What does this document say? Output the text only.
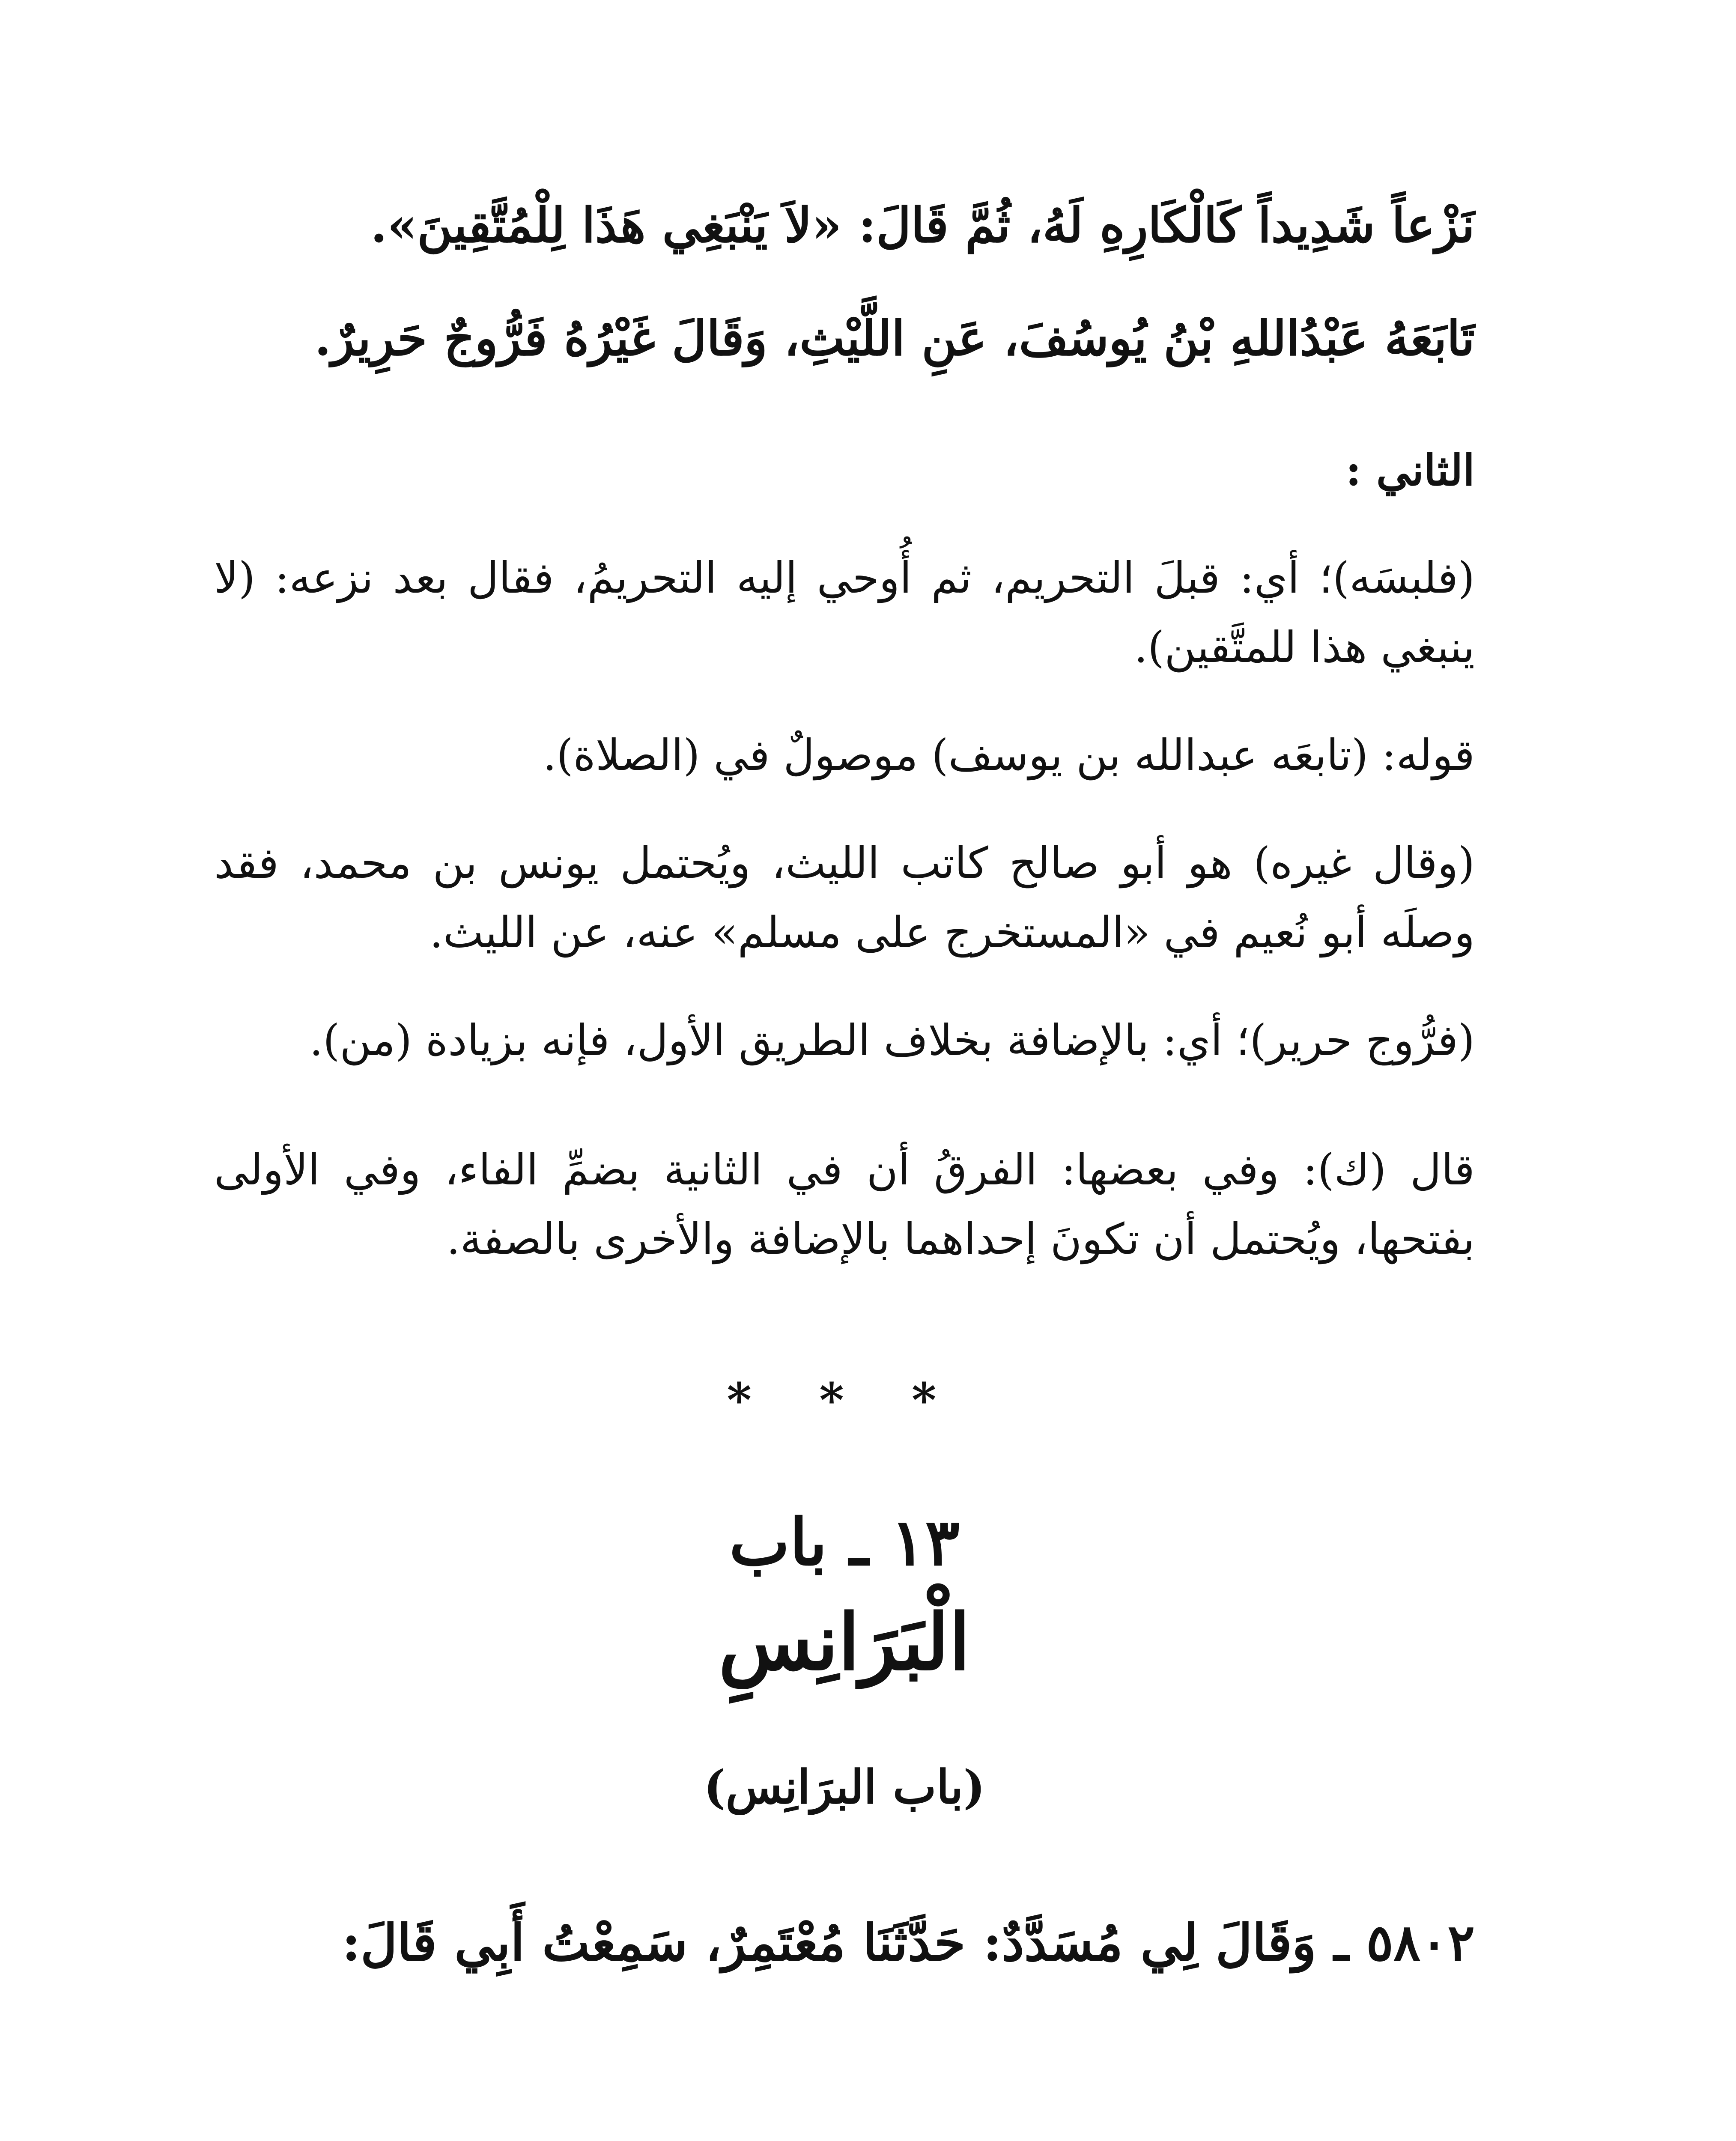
نَزْعاً شَدِيداً كَالْكَارِهِ لَهُ، ثُمَّ قَالَ: «لاَ يَنْبَغِي هَذَا لِلْمُتَّقِينَ».

تَابَعَهُ عَبْدُاللهِ بْنُ يُوسُفَ، عَنِ اللَّيْثِ، وَقَالَ غَيْرُهُ فَرُّوجٌ حَرِيرٌ.

الثاني :

(فلبسَه)؛ أي: قبلَ التحريم، ثم أُوحي إليه التحريمُ، فقال بعد نزعه: (لا ينبغي هذا للمتَّقين).

قوله: (تابعَه عبدالله بن يوسف) موصولٌ في (الصلاة).

(وقال غيره) هو أبو صالح كاتب الليث، ويُحتمل يونس بن محمد، فقد وصلَه أبو نُعيم في «المستخرج على مسلم» عنه، عن الليث.

(فرُّوج حرير)؛ أي: بالإضافة بخلاف الطريق الأول، فإنه بزيادة (من).

قال (ك): وفي بعضها: الفرقُ أن في الثانية بضمِّ الفاء، وفي الأولى بفتحها، ويُحتمل أن تكونَ إحداهما بالإضافة والأخرى بالصفة.

* * *
١٣ ـ باب
الْبَرَانِسِ
(باب البرَانِس)

٥٨٠٢ ـ وَقَالَ لِي مُسَدَّدٌ: حَدَّثَنَا مُعْتَمِرٌ، سَمِعْتُ أَبِي قَالَ:
